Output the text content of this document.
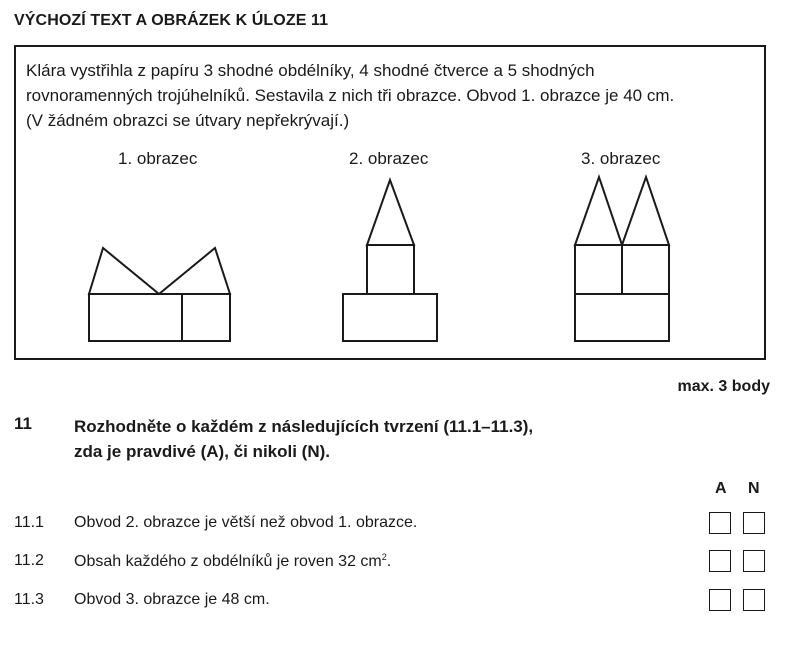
VÝCHOZÍ TEXT A OBRÁZEK K ÚLOZE 11
Klára vystřihla z papíru 3 shodné obdélníky, 4 shodné čtverce a 5 shodných
rovnoramenných trojúhelníků. Sestavila z nich tři obrazce. Obvod 1. obrazce je 40 cm.
(V žádném obrazci se útvary nepřekrývají.)
1. obrazec	2. obrazec	3. obrazec
max. 3 body
11 Rozhodněte o každém z následujících tvrzení (11.1–11.3),
zda je pravdivé (A), či nikoli (N).
A N
11.1 Obvod 2. obrazce je větší než obvod 1. obrazce.
11.2 Obsah každého z obdélníků je roven 32 $cm^2$.
11.3 Obvod 3. obrazce je 48 cm.
